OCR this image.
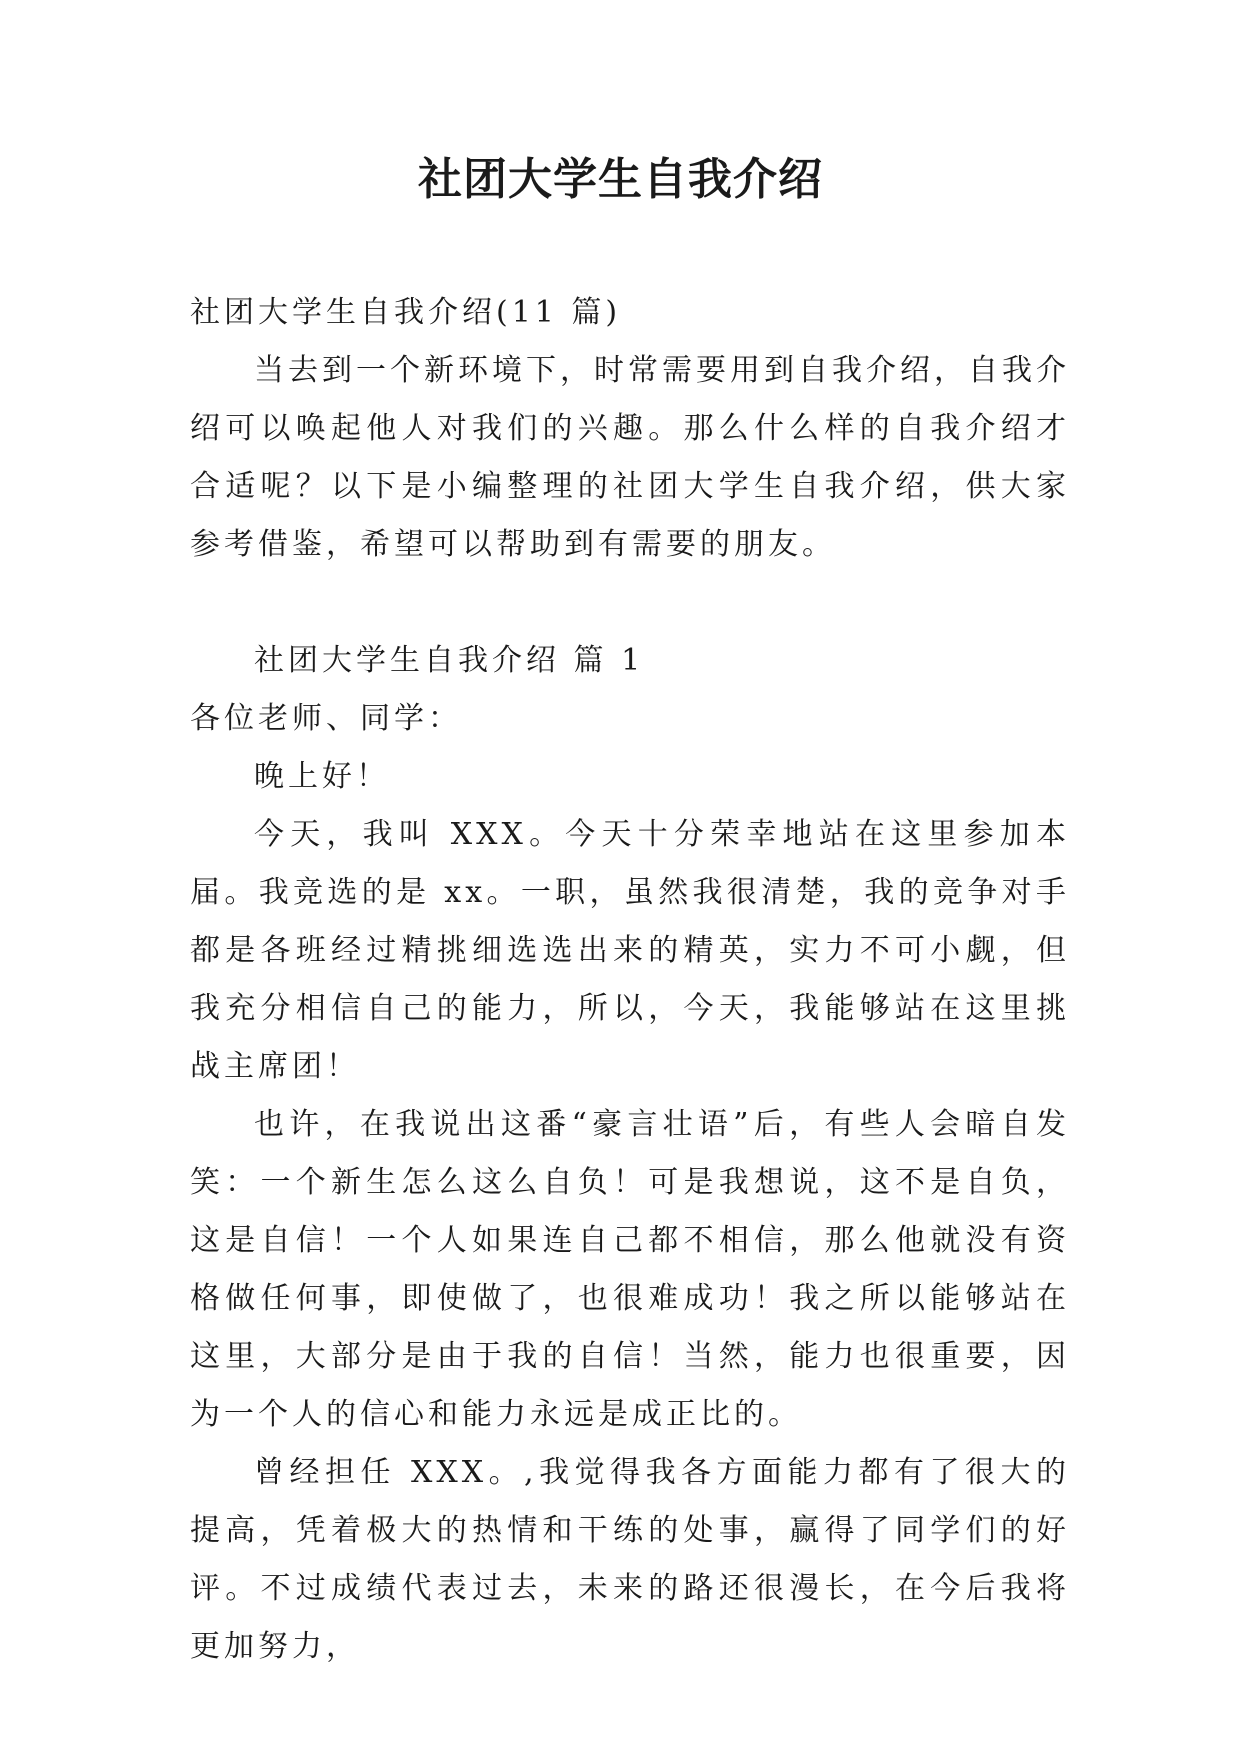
社团大学生自我介绍

社团大学生自我介绍(11 篇)

当去到一个新环境下，时常需要用到自我介绍，自我介绍可以唤起他人对我们的兴趣。那么什么样的自我介绍才合适呢？以下是小编整理的社团大学生自我介绍，供大家参考借鉴，希望可以帮助到有需要的朋友。

社团大学生自我介绍 篇 1

各位老师、同学：

晚上好！

今天，我叫 XXX。今天十分荣幸地站在这里参加本届。我竞选的是 xx。一职，虽然我很清楚，我的竞争对手都是各班经过精挑细选选出来的精英，实力不可小觑，但我充分相信自己的能力，所以，今天，我能够站在这里挑战主席团！

也许，在我说出这番“豪言壮语”后，有些人会暗自发笑：一个新生怎么这么自负！可是我想说，这不是自负，这是自信！一个人如果连自己都不相信，那么他就没有资格做任何事，即使做了，也很难成功！我之所以能够站在这里，大部分是由于我的自信！当然，能力也很重要，因为一个人的信心和能力永远是成正比的。

曾经担任 XXX。,我觉得我各方面能力都有了很大的提高，凭着极大的热情和干练的处事，赢得了同学们的好评。不过成绩代表过去，未来的路还很漫长，在今后我将更加努力，
